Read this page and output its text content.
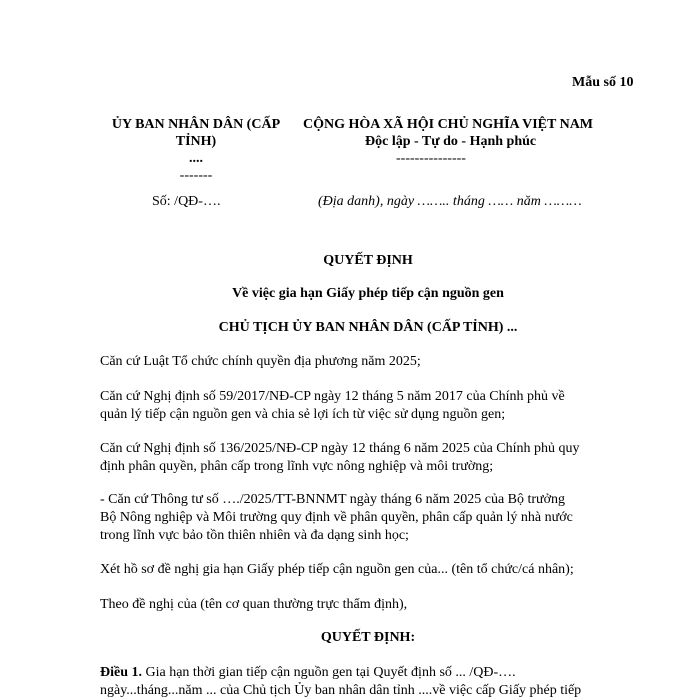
Mẫu số 10
ỦY BAN NHÂN DÂN (CẤP
TỈNH)
....
-------
Số: /QĐ-….
CỘNG HÒA XÃ HỘI CHỦ NGHĨA VIỆT NAM
Độc lập - Tự do - Hạnh phúc
---------------
(Địa danh), ngày …….. tháng …… năm ………
QUYẾT ĐỊNH
Về việc gia hạn Giấy phép tiếp cận nguồn gen
CHỦ TỊCH ỦY BAN NHÂN DÂN (CẤP TỈNH) ...
Căn cứ Luật Tổ chức chính quyền địa phương năm 2025;
Căn cứ Nghị định số 59/2017/NĐ-CP ngày 12 tháng 5 năm 2017 của Chính phủ về
quản lý tiếp cận nguồn gen và chia sẻ lợi ích từ việc sử dụng nguồn gen;
Căn cứ Nghị định số 136/2025/NĐ-CP ngày 12 tháng 6 năm 2025 của Chính phủ quy
định phân quyền, phân cấp trong lĩnh vực nông nghiệp và môi trường;
- Căn cứ Thông tư số …./2025/TT-BNNMT ngày tháng 6 năm 2025 của Bộ trưởng
Bộ Nông nghiệp và Môi trường quy định về phân quyền, phân cấp quản lý nhà nước
trong lĩnh vực bảo tồn thiên nhiên và đa dạng sinh học;
Xét hồ sơ đề nghị gia hạn Giấy phép tiếp cận nguồn gen của... (tên tổ chức/cá nhân);
Theo đề nghị của (tên cơ quan thường trực thẩm định),
QUYẾT ĐỊNH:
Điều 1. Gia hạn thời gian tiếp cận nguồn gen tại Quyết định số ... /QĐ-….
ngày...tháng...năm ... của Chủ tịch Ủy ban nhân dân tỉnh ....về việc cấp Giấy phép tiếp
